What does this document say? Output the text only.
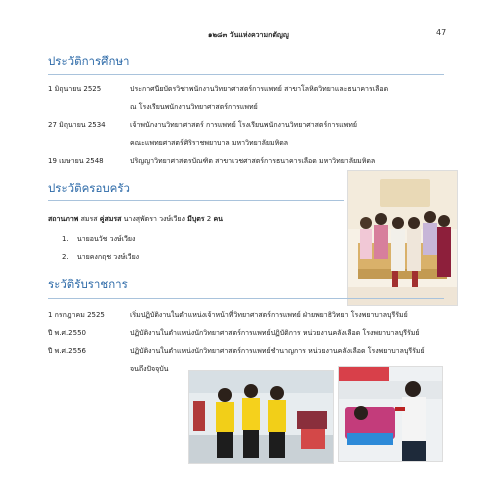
๑๒๘๓ วันแห่งความกตัญญู	47
ประวัติการศึกษา
1 มิถุนายน 2525	ประกาศนียบัตรวิชาพนักงานวิทยาศาสตร์การแพทย์ สาขาโลหิตวิทยาและธนาคารเลือด
ณ โรงเรียนพนักงานวิทยาศาสตร์การแพทย์
27 มิถุนายน 2534	เจ้าพนักงานวิทยาศาสตร์ การแพทย์ โรงเรียนพนักงานวิทยาศาสตร์การแพทย์
คณะแพทยศาสตร์ศิริราชพยาบาล มหาวิทยาลัยมหิดล
19 เมษายน 2548	ปริญญาวิทยาศาสตรบัณฑิต สาขาเวชศาสตร์การธนาคารเลือด มหาวิทยาลัยมหิดล
ประวัติครอบครัว
สถานภาพ สมรส คู่สมรส นางสุพัตรา วงษ์เวียง มีบุตร 2 คน
1. นายอนวัช วงษ์เวียง
2. นายคงกฤช วงษ์เวียง
ระวัติรับราชการ
1 กรกฎาคม 2525	เริ่มปฏิบัติงานในตำแหน่งเจ้าหน้าที่วิทยาศาสตร์การแพทย์ ฝ่ายพยาธิวิทยา โรงพยาบาลบุรีรัมย์
ปี พ.ศ.2550	ปฏิบัติงานในตำแหน่งนักวิทยาศาสตร์การแพทย์ปฏิบัติการ หน่วยงานคลังเลือด โรงพยาบาลบุรีรัมย์
ปี พ.ศ.2556	ปฏิบัติงานในตำแหน่งนักวิทยาศาสตร์การแพทย์ชำนาญการ หน่วยงานคลังเลือด โรงพยาบาลบุรีรัมย์
จนถึงปัจจุบัน
